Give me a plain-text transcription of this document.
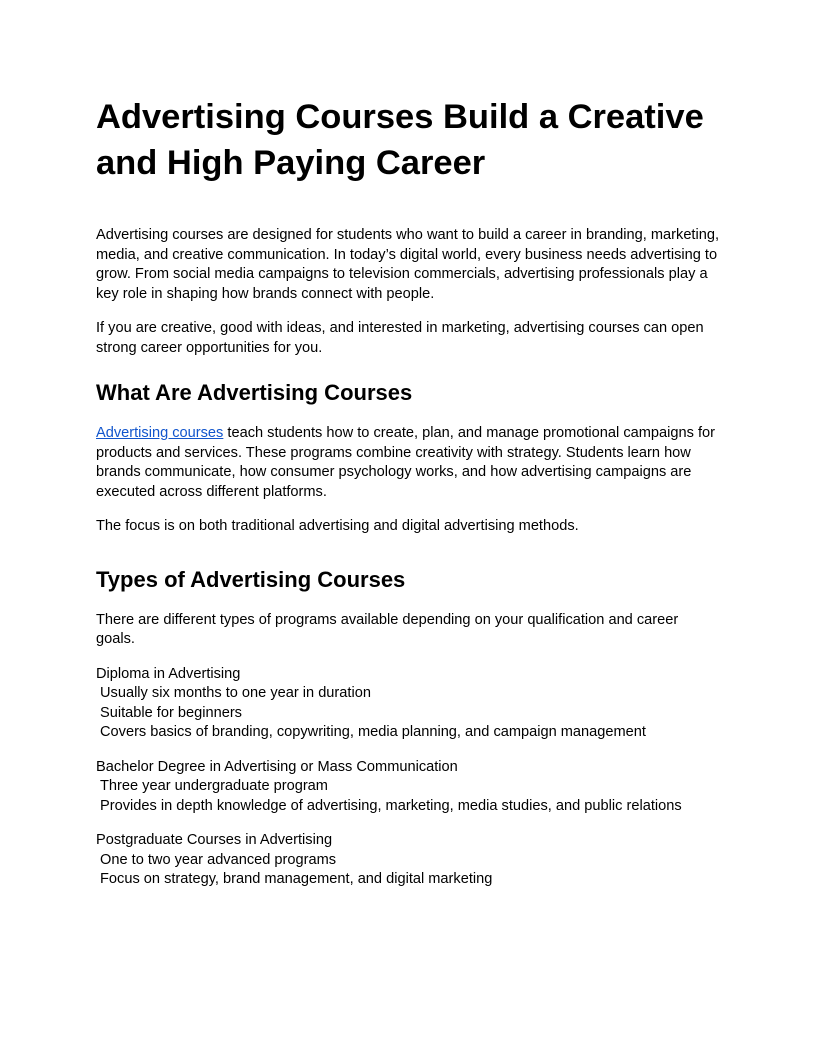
Advertising Courses Build a Creative and High Paying Career

Advertising courses are designed for students who want to build a career in branding, marketing, media, and creative communication. In today’s digital world, every business needs advertising to grow. From social media campaigns to television commercials, advertising professionals play a key role in shaping how brands connect with people.

If you are creative, good with ideas, and interested in marketing, advertising courses can open strong career opportunities for you.

What Are Advertising Courses

Advertising courses teach students how to create, plan, and manage promotional campaigns for products and services. These programs combine creativity with strategy. Students learn how brands communicate, how consumer psychology works, and how advertising campaigns are executed across different platforms.

The focus is on both traditional advertising and digital advertising methods.

Types of Advertising Courses

There are different types of programs available depending on your qualification and career goals.

Diploma in Advertising
Usually six months to one year in duration
Suitable for beginners
Covers basics of branding, copywriting, media planning, and campaign management
Bachelor Degree in Advertising or Mass Communication
Three year undergraduate program
Provides in depth knowledge of advertising, marketing, media studies, and public relations
Postgraduate Courses in Advertising
One to two year advanced programs
Focus on strategy, brand management, and digital marketing
